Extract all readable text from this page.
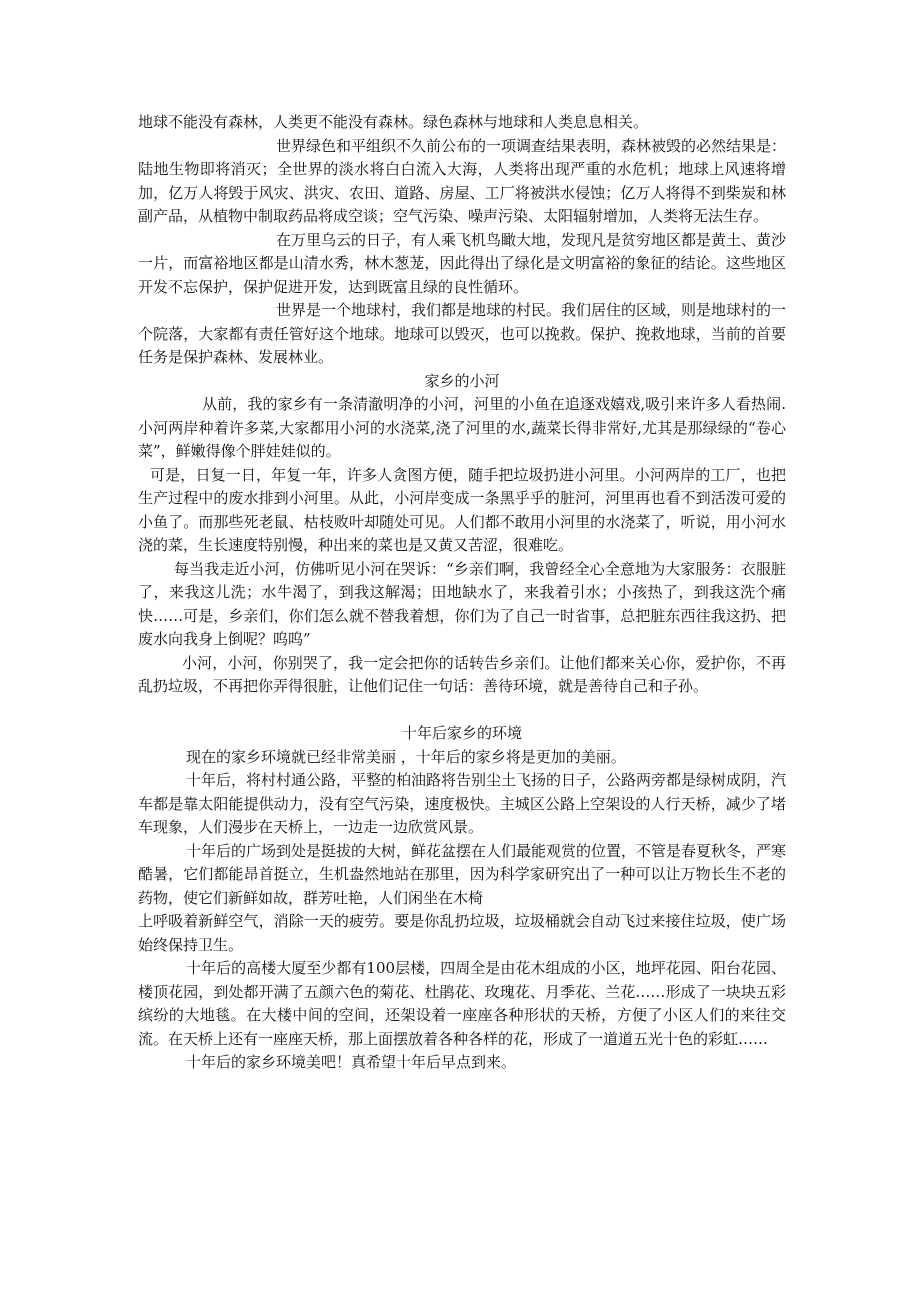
地球不能没有森林，人类更不能没有森林。绿色森林与地球和人类息息相关。

世界绿色和平组织不久前公布的一项调查结果表明，森林被毁的必然结果是：陆地生物即将消灭；全世界的淡水将白白流入大海，人类将出现严重的水危机；地球上风速将增加，亿万人将毁于风灾、洪灾、农田、道路、房屋、工厂将被洪水侵蚀；亿万人将得不到柴炭和林副产品，从植物中制取药品将成空谈；空气污染、噪声污染、太阳辐射增加，人类将无法生存。

在万里乌云的日子，有人乘飞机鸟瞰大地，发现凡是贫穷地区都是黄土、黄沙一片，而富裕地区都是山清水秀，林木葱茏，因此得出了绿化是文明富裕的象征的结论。这些地区开发不忘保护，保护促进开发，达到既富且绿的良性循环。

世界是一个地球村，我们都是地球的村民。我们居住的区域，则是地球村的一个院落，大家都有责任管好这个地球。地球可以毁灭，也可以挽救。保护、挽救地球，当前的首要任务是保护森林、发展林业。

家乡的小河

从前，我的家乡有一条清澈明净的小河，河里的小鱼在追逐戏嬉戏,吸引来许多人看热闹.小河两岸种着许多菜,大家都用小河的水浇菜,浇了河里的水,蔬菜长得非常好,尤其是那绿绿的“卷心菜”，鲜嫩得像个胖娃娃似的。

可是，日复一日，年复一年，许多人贪图方便，随手把垃圾扔进小河里。小河两岸的工厂，也把生产过程中的废水排到小河里。从此，小河岸变成一条黑乎乎的脏河，河里再也看不到活泼可爱的小鱼了。而那些死老鼠、枯枝败叶却随处可见。人们都不敢用小河里的水浇菜了，听说，用小河水浇的菜，生长速度特别慢，种出来的菜也是又黄又苦涩，很难吃。

每当我走近小河，仿佛听见小河在哭诉：“乡亲们啊，我曾经全心全意地为大家服务：衣服脏了，来我这儿洗；水牛渴了，到我这解渴；田地缺水了，来我着引水；小孩热了，到我这洗个痛快……可是，乡亲们，你们怎么就不替我着想，你们为了自己一时省事，总把脏东西往我这扔、把废水向我身上倒呢？呜呜”

小河，小河，你别哭了，我一定会把你的话转告乡亲们。让他们都来关心你，爱护你，不再乱扔垃圾，不再把你弄得很脏，让他们记住一句话：善待环境，就是善待自己和子孙。

十年后家乡的环境

现在的家乡环境就已经非常美丽 ，十年后的家乡将是更加的美丽。

十年后，将村村通公路，平整的柏油路将告别尘土飞扬的日子，公路两旁都是绿树成阴，汽车都是靠太阳能提供动力，没有空气污染，速度极快。主城区公路上空架设的人行天桥，减少了堵车现象，人们漫步在天桥上，一边走一边欣赏风景。

十年后的广场到处是挺拔的大树，鲜花盆摆在人们最能观赏的位置，不管是春夏秋冬，严寒酷暑，它们都能昂首挺立，生机盎然地站在那里，因为科学家研究出了一种可以让万物长生不老的药物，使它们新鲜如故，群芳吐艳，人们闲坐在木椅

上呼吸着新鲜空气，消除一天的疲劳。要是你乱扔垃圾，垃圾桶就会自动飞过来接住垃圾，使广场始终保持卫生。

十年后的高楼大厦至少都有100层楼，四周全是由花木组成的小区，地坪花园、阳台花园、楼顶花园，到处都开满了五颜六色的菊花、杜鹃花、玫瑰花、月季花、兰花……形成了一块块五彩缤纷的大地毯。在大楼中间的空间，还架设着一座座各种形状的天桥，方便了小区人们的来往交流。在天桥上还有一座座天桥，那上面摆放着各种各样的花，形成了一道道五光十色的彩虹……

十年后的家乡环境美吧！真希望十年后早点到来。
